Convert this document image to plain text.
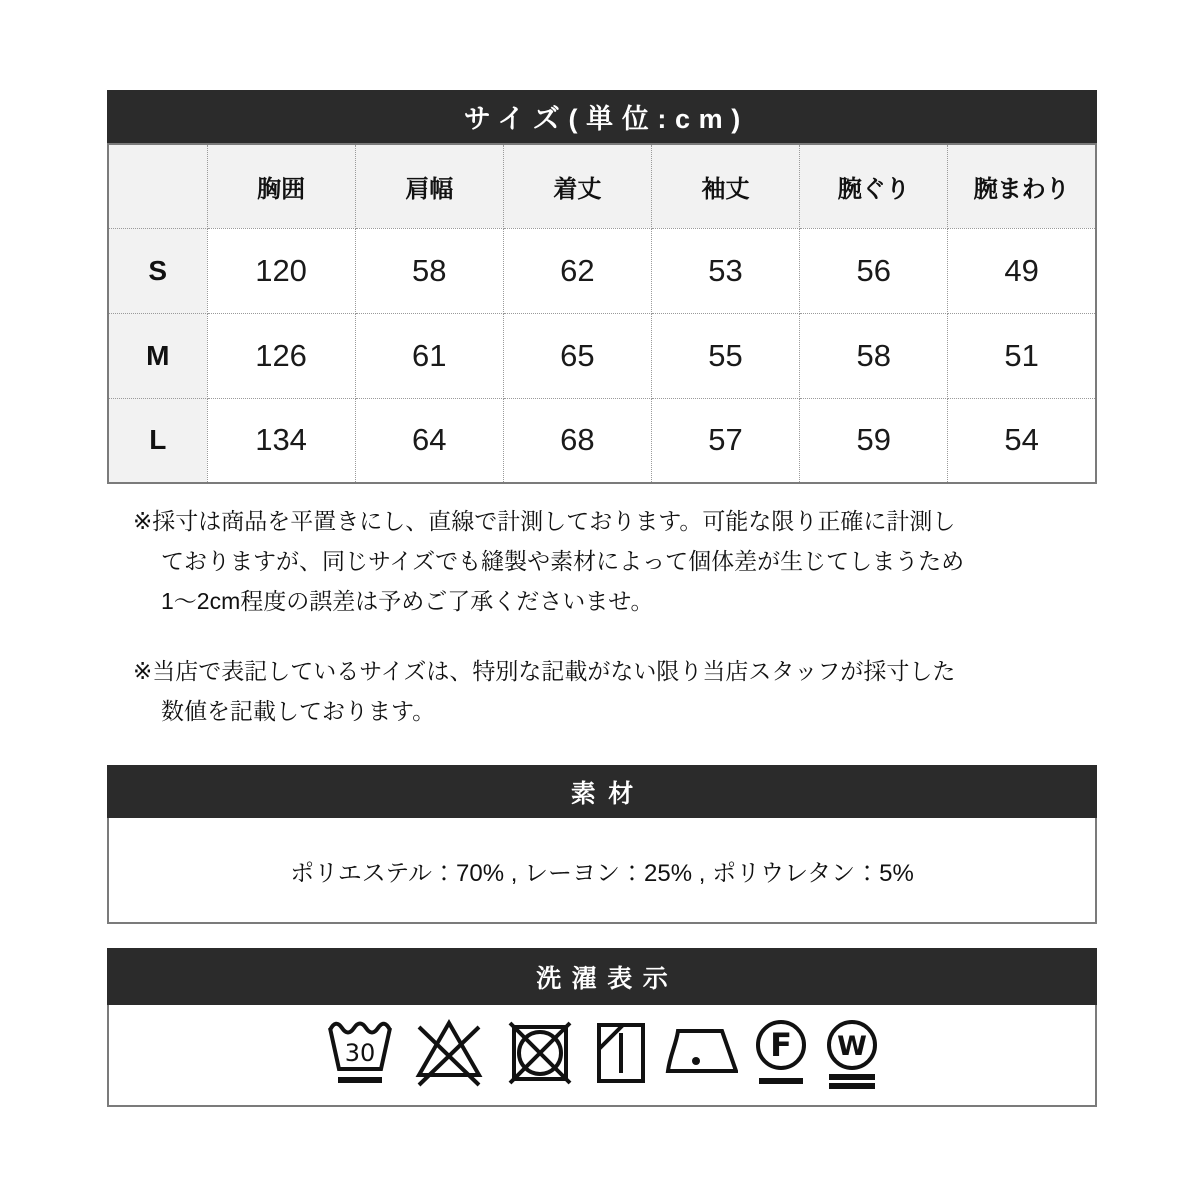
サイズ(単位:cm)
	胸囲	肩幅	着丈	袖丈	腕ぐり	腕まわり
S	120	58	62	53	56	49
M	126	61	65	55	58	51
L	134	64	68	57	59	54
※採寸は商品を平置きにし、直線で計測しております。可能な限り正確に計測し
ておりますが、同じサイズでも縫製や素材によって個体差が生じてしまうため
1〜2cm程度の誤差は予めご了承くださいませ。
※当店で表記しているサイズは、特別な記載がない限り当店スタッフが採寸した
数値を記載しております。
素材
ポリエステル：70% , レーヨン：25% , ポリウレタン：5%
洗濯表示
30	F W
